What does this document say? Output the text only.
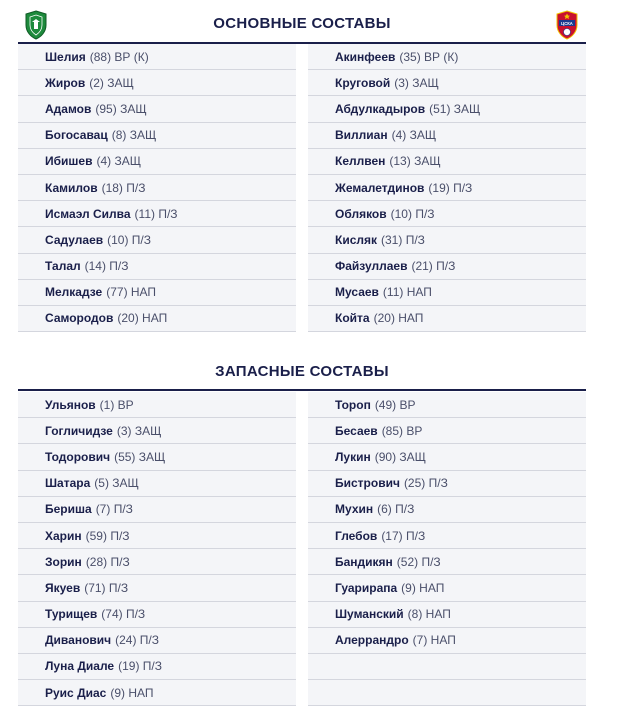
ОСНОВНЫЕ СОСТАВЫ	ЦСКА
Шелия (88) ВР (К)
Жиров (2) ЗАЩ
Адамов (95) ЗАЩ
Богосавац (8) ЗАЩ
Ибишев (4) ЗАЩ
Камилов (18) П/З
Исмаэл Силва (11) П/З
Садулаев (10) П/З
Талал (14) П/З
Мелкадзе (77) НАП
Самородов (20) НАП
Акинфеев (35) ВР (К)
Круговой (3) ЗАЩ
Абдулкадыров (51) ЗАЩ
Виллиан (4) ЗАЩ
Келлвен (13) ЗАЩ
Жемалетдинов (19) П/З
Обляков (10) П/З
Кисляк (31) П/З
Файзуллаев (21) П/З
Мусаев (11) НАП
Койта (20) НАП
ЗАПАСНЫЕ СОСТАВЫ
Ульянов (1) ВР
Гогличидзе (3) ЗАЩ
Тодорович (55) ЗАЩ
Шатара (5) ЗАЩ
Бериша (7) П/З
Харин (59) П/З
Зорин (28) П/З
Якуев (71) П/З
Турищев (74) П/З
Диванович (24) П/З
Луна Диале (19) П/З
Руис Диас (9) НАП
Тороп (49) ВР
Бесаев (85) ВР
Лукин (90) ЗАЩ
Бистрович (25) П/З
Мухин (6) П/З
Глебов (17) П/З
Бандикян (52) П/З
Гуарирапа (9) НАП
Шуманский (8) НАП
Алеррандро (7) НАП
